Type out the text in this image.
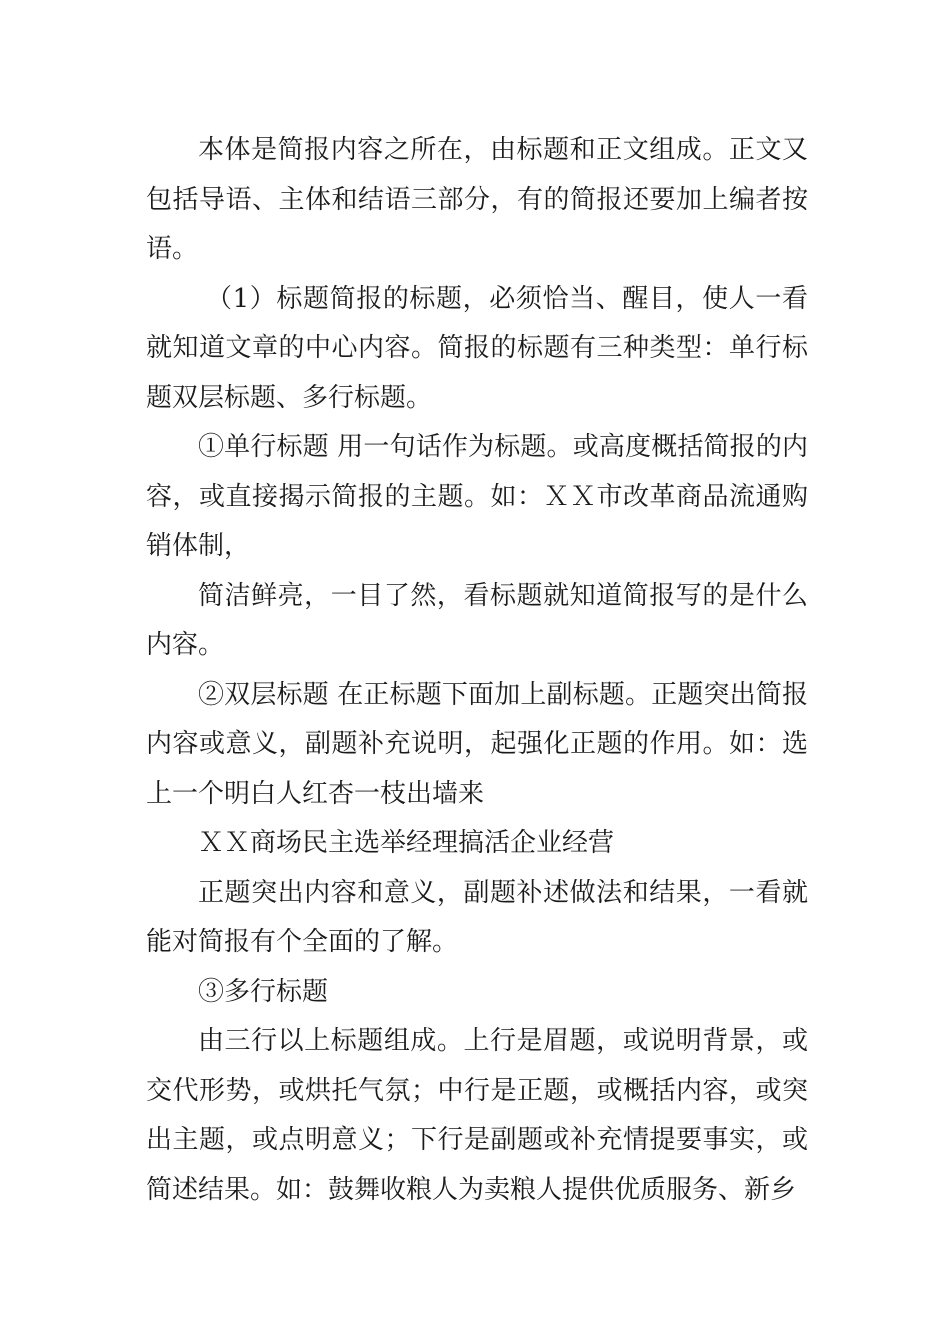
本体是简报内容之所在，由标题和正文组成。正文又包括导语、主体和结语三部分，有的简报还要加上编者按语。

（1）标题简报的标题，必须恰当、醒目，使人一看就知道文章的中心内容。简报的标题有三种类型：单行标题双层标题、多行标题。

①单行标题 用一句话作为标题。或高度概括简报的内容，或直接揭示简报的主题。如：ＸＸ市改革商品流通购销体制，

简洁鲜亮，一目了然，看标题就知道简报写的是什么内容。

②双层标题 在正标题下面加上副标题。正题突出简报内容或意义，副题补充说明，起强化正题的作用。如：选上一个明白人红杏一枝出墙来

ＸＸ商场民主选举经理搞活企业经营

正题突出内容和意义，副题补述做法和结果，一看就能对简报有个全面的了解。

③多行标题

由三行以上标题组成。上行是眉题，或说明背景，或交代形势，或烘托气氛；中行是正题，或概括内容，或突出主题，或点明意义；下行是副题或补充情提要事实，或简述结果。如：鼓舞收粮人为卖粮人提供优质服务、新乡
